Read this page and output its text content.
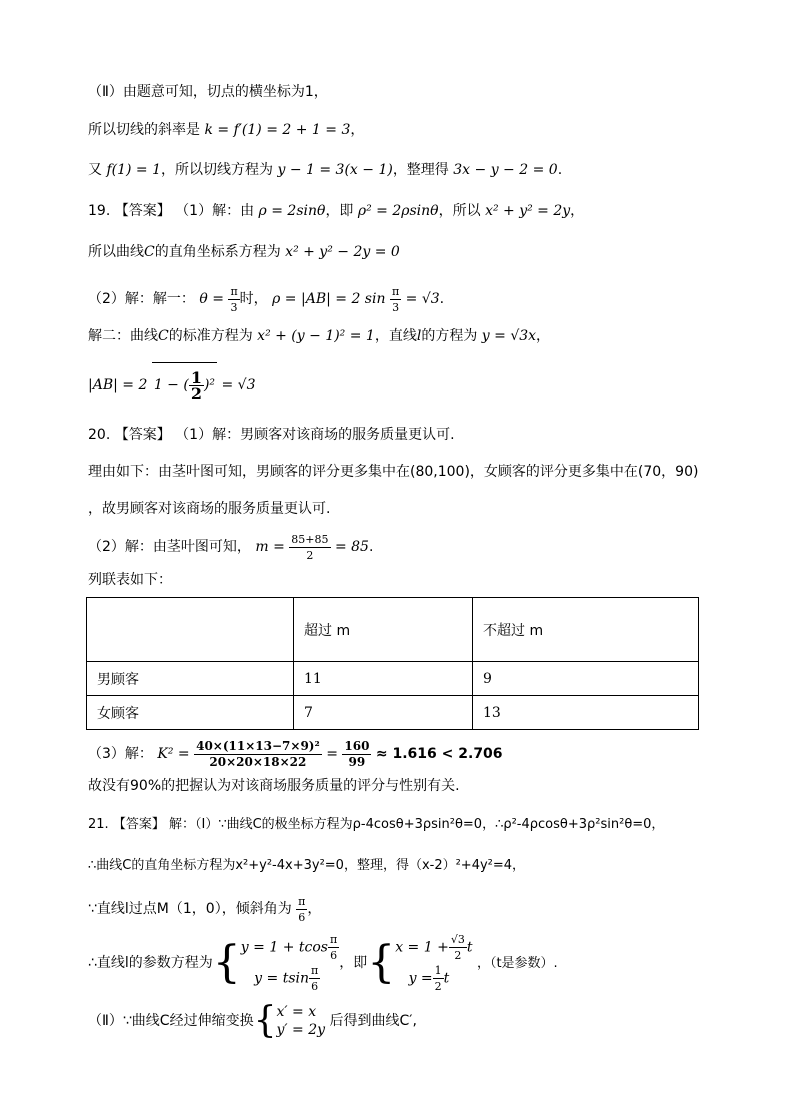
（Ⅱ）由题意可知，切点的横坐标为1，
所以切线的斜率是 k = f′(1) = 2 + 1 = 3，
又 f(1) = 1，所以切线方程为 y − 1 = 3(x − 1)，整理得 3x − y − 2 = 0.
19. 【答案】 （1）解：由 ρ = 2sinθ，即 ρ² = 2ρsinθ，所以 x² + y² = 2y，
所以曲线C的直角坐标系方程为 x² + y² − 2y = 0
（2）解：解一： $\theta = \frac{\pi}{3}$ 时， ρ = |AB| = 2 $\sin \frac{\pi}{3} = √3$.
解二：曲线C的标准方程为 x² + (y − 1)² = 1，直线l的方程为 y = √3x，
|AB| = 2 1 − ( $\frac{1}{2} )^2 = √3$
20. 【答案】 （1）解：男顾客对该商场的服务质量更认可.
理由如下：由茎叶图可知，男顾客的评分更多集中在(80,100)，女顾客的评分更多集中在(70，90)
，故男顾客对该商场的服务质量更认可.
（2）解：由茎叶图可知， $m = \frac{85+85}{2} = 85$.
列联表如下：
	超过 m	不超过 m
男顾客	11	9
女顾客	7	13
（3）解： $K^2 = \frac{\text{40×(11×13−7×9)²}}{20\times 20\times 18\times 22} = \frac{160}{99} \approx 1.616 < 2.706$
故没有90%的把握认为对该商场服务质量的评分与性别有关.
21. 【答案】 解：（Ⅰ）∵曲线C的极坐标方程为ρ-4cosθ+3ρsin²θ=0，∴ρ²-4ρcosθ+3ρ²sin²θ=0，
∴曲线C的直角坐标方程为x²+y²-4x+3y²=0，整理，得（x-2）²+4y²=4，
∵直线l过点M（1，0），倾斜角为 $\frac{\pi}{6}$ ，
∴直线l的参数方程为{ y = 1 + tcos $\frac{\pi}{6}$
y = tsin $\frac{\pi}{6}$ ，即{ $x = 1 + \frac{√3}{2}$ t
$y = \frac{1}{2}$ t
，（t是参数）.
（Ⅱ）∵曲线C经过伸缩变换{ x′ = x
y′ = 2y
后得到曲线C′,
